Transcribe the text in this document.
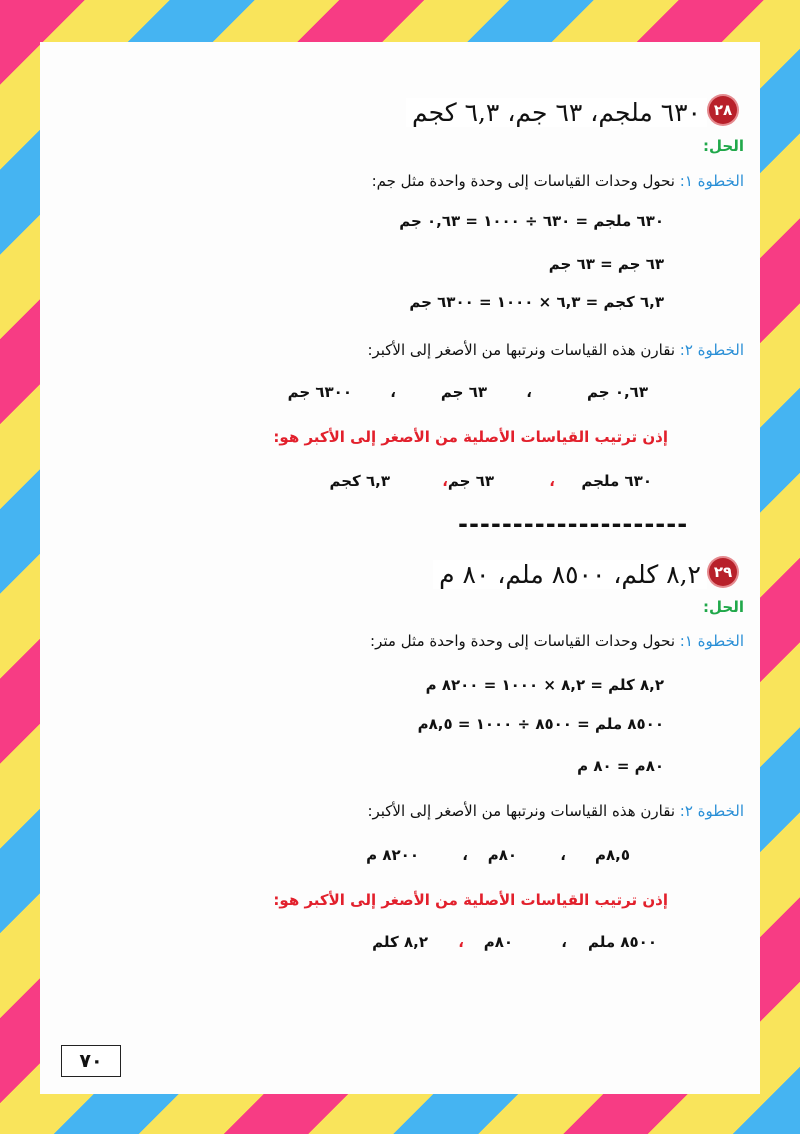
٢٨
٦٣٠ ملجم، ٦٣ جم، ٦,٣ كجم
الحل:
الخطوة ١: نحول وحدات القياسات إلى وحدة واحدة مثل جم:
٦٣٠ ملجم = ٦٣٠ ÷ ١٠٠٠ = ٠,٦٣ جم
٦٣ جم = ٦٣ جم
٦,٣ كجم = ٦,٣ × ١٠٠٠ = ٦٣٠٠ جم
الخطوة ٢: نقارن هذه القياسات ونرتبها من الأصغر إلى الأكبر:
٠,٦٣ جم
،
٦٣ جم
،
٦٣٠٠ جم
إذن ترتيب القياسات الأصلية من الأصغر إلى الأكبر هو:
٦٣٠ ملجم
،
٦٣ جم
،
٦,٣ كجم
---------------------
٢٩
٨,٢ كلم، ٨٥٠٠ ملم، ٨٠ م
الحل:
الخطوة ١: نحول وحدات القياسات إلى وحدة واحدة مثل متر:
٨,٢ كلم = ٨,٢ × ١٠٠٠ = ٨٢٠٠ م
٨٥٠٠ ملم = ٨٥٠٠ ÷ ١٠٠٠ = ٨,٥م
٨٠م = ٨٠ م
الخطوة ٢: نقارن هذه القياسات ونرتبها من الأصغر إلى الأكبر:
٨,٥م
،
٨٠م
،
٨٢٠٠ م
إذن ترتيب القياسات الأصلية من الأصغر إلى الأكبر هو:
٨٥٠٠ ملم
،
٨٠م
،
٨,٢ كلم
٧٠
